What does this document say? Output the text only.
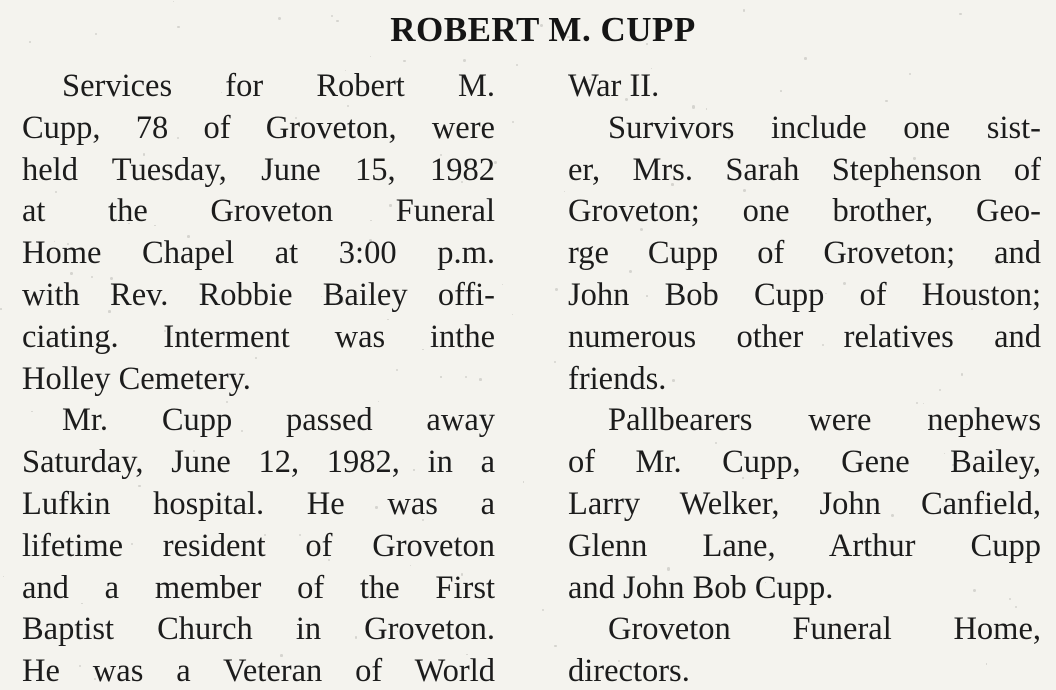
ROBERT M. CUPP
Services for Robert M.
Cupp, 78 of Groveton, were
held Tuesday, June 15, 1982
at the Groveton Funeral
Home Chapel at 3:00 p.m.
with Rev. Robbie Bailey offi-
ciating. Interment was inthe
Holley Cemetery.
Mr. Cupp passed away
Saturday, June 12, 1982, in a
Lufkin hospital. He was a
lifetime resident of Groveton
and a member of the First
Baptist Church in Groveton.
He was a Veteran of World
War II.
Survivors include one sist-
er, Mrs. Sarah Stephenson of
Groveton; one brother, Geo-
rge Cupp of Groveton; and
John Bob Cupp of Houston;
numerous other relatives and
friends.
Pallbearers were nephews
of Mr. Cupp, Gene Bailey,
Larry Welker, John Canfield,
Glenn Lane, Arthur Cupp
and John Bob Cupp.
Groveton Funeral Home,
directors.
